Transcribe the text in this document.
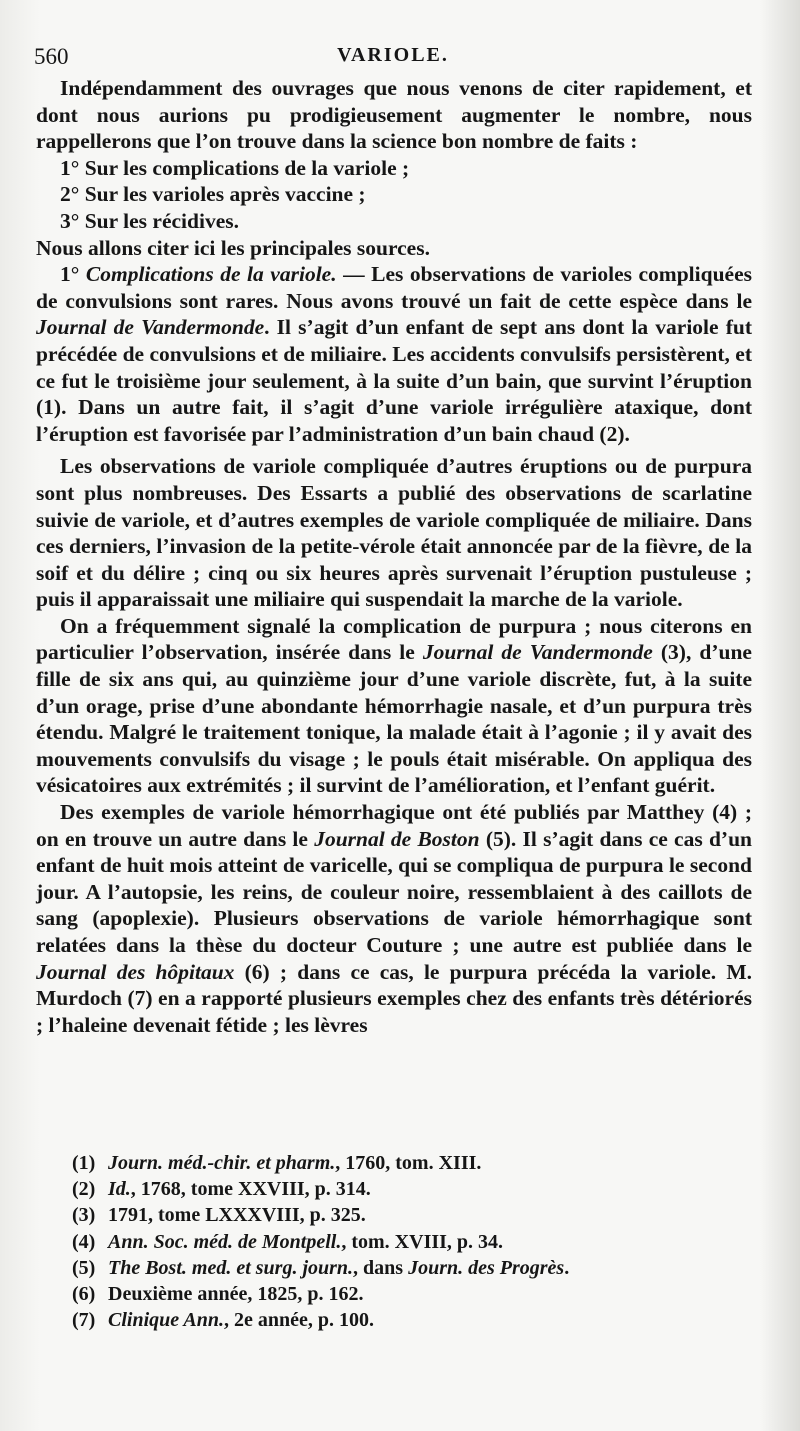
560	VARIOLE.

Indépendamment des ouvrages que nous venons de citer rapidement, et dont nous aurions pu prodigieusement augmenter le nombre, nous rappellerons que l’on trouve dans la science bon nombre de faits :

1° Sur les complications de la variole ;

2° Sur les varioles après vaccine ;

3° Sur les récidives.

Nous allons citer ici les principales sources.

1° Complications de la variole. — Les observations de varioles compliquées de convulsions sont rares. Nous avons trouvé un fait de cette espèce dans le Journal de Vandermonde. Il s’agit d’un enfant de sept ans dont la variole fut précédée de convulsions et de miliaire. Les accidents convulsifs persistèrent, et ce fut le troisième jour seulement, à la suite d’un bain, que survint l’éruption (1). Dans un autre fait, il s’agit d’une variole irrégulière ataxique, dont l’éruption est favorisée par l’administration d’un bain chaud (2).

Les observations de variole compliquée d’autres éruptions ou de purpura sont plus nombreuses. Des Essarts a publié des observations de scarlatine suivie de variole, et d’autres exemples de variole compliquée de miliaire. Dans ces derniers, l’invasion de la petite-vérole était annoncée par de la fièvre, de la soif et du délire ; cinq ou six heures après survenait l’éruption pustuleuse ; puis il apparaissait une miliaire qui suspendait la marche de la variole.

On a fréquemment signalé la complication de purpura ; nous citerons en particulier l’observation, insérée dans le Journal de Vandermonde (3), d’une fille de six ans qui, au quinzième jour d’une variole discrète, fut, à la suite d’un orage, prise d’une abondante hémorrhagie nasale, et d’un purpura très étendu. Malgré le traitement tonique, la malade était à l’agonie ; il y avait des mouvements convulsifs du visage ; le pouls était misérable. On appliqua des vésicatoires aux extrémités ; il survint de l’amélioration, et l’enfant guérit.

Des exemples de variole hémorrhagique ont été publiés par Matthey (4) ; on en trouve un autre dans le Journal de Boston (5). Il s’agit dans ce cas d’un enfant de huit mois atteint de varicelle, qui se compliqua de purpura le second jour. A l’autopsie, les reins, de couleur noire, ressemblaient à des caillots de sang (apoplexie). Plusieurs observations de variole hémorrhagique sont relatées dans la thèse du docteur Couture ; une autre est publiée dans le Journal des hôpitaux (6) ; dans ce cas, le purpura précéda la variole. M. Murdoch (7) en a rapporté plusieurs exemples chez des enfants très détériorés ; l’haleine devenait fétide ; les lèvres

(1) Journ. méd.-chir. et pharm., 1760, tom. XIII.
(2) Id., 1768, tome XXVIII, p. 314.
(3) 1791, tome LXXXVIII, p. 325.
(4) Ann. Soc. méd. de Montpell., tom. XVIII, p. 34.
(5) The Bost. med. et surg. journ., dans Journ. des Progrès.
(6) Deuxième année, 1825, p. 162.
(7) Clinique Ann., 2e année, p. 100.
